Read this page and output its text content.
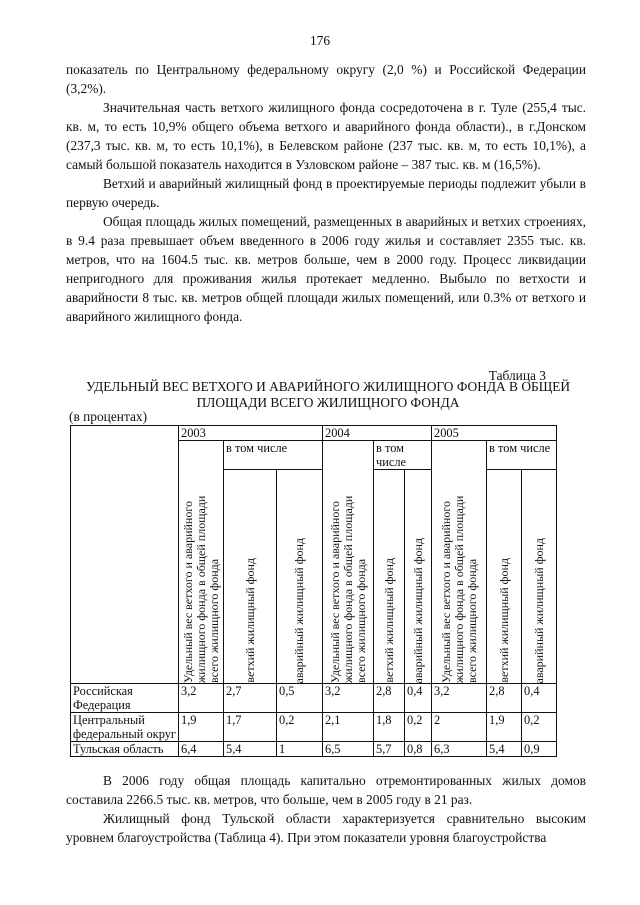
176

показатель по Центральному федеральному округу (2,0 %) и Российской Федерации (3,2%).

Значительная часть ветхого жилищного фонда сосредоточена в г. Туле (255,4 тыс. кв. м, то есть 10,9% общего объема ветхого и аварийного фонда области)., в г.Донском (237,3 тыс. кв. м, то есть 10,1%), в Белевском районе (237 тыс. кв. м, то есть 10,1%), а самый большой показатель находится в Узловском районе – 387 тыс. кв. м (16,5%).

Ветхий и аварийный жилищный фонд в проектируемые периоды подлежит убыли в первую очередь.

Общая площадь жилых помещений, размещенных в аварийных и ветхих строениях, в 9.4 раза превышает объем введенного в 2006 году жилья и составляет 2355 тыс. кв. метров, что на 1604.5 тыс. кв. метров больше, чем в 2000 году. Процесс ликвидации непригодного для проживания жилья протекает медленно. Выбыло по ветхости и аварийности 8 тыс. кв. метров общей площади жилых помещений, или 0.3% от ветхого и аварийного жилищного фонда.

Таблица 3
УДЕЛЬНЫЙ ВЕС ВЕТХОГО И АВАРИЙНОГО ЖИЛИЩНОГО ФОНДА В ОБЩЕЙ
ПЛОЩАДИ ВСЕГО ЖИЛИЩНОГО ФОНДА
(в процентах)
	2003			2004			2005		

	Удельный вес ветхого и аварийного жилищного фонда в общей площади всего жилищного фонда	в том числе		Удельный вес ветхого и аварийного жилищного фонда в общей площади всего жилищного фонда	в том числе		Удельный вес ветхого и аварийного жилищного фонда в общей площади всего жилищного фонда	в том числе	

		ветхий жилищный фонд	аварийный жилищный фонд		ветхий жилищный фонд	аварийный жилищный фонд		ветхий жилищный фонд	аварийный жилищный фонд

Российская Федерация	3,2	2,7	0,5	3,2	2,8	0,4	3,2	2,8	0,4
Центральный федеральный округ	1,9	1,7	0,2	2,1	1,8	0,2	2	1,9	0,2
Тульская область	6,4	5,4	1	6,5	5,7	0,8	6,3	5,4	0,9

В 2006 году общая площадь капитально отремонтированных жилых домов составила 2266.5 тыс. кв. метров, что больше, чем в 2005 году в 21 раз.

Жилищный фонд Тульской области характеризуется сравнительно высоким уровнем благоустройства (Таблица 4). При этом показатели уровня благоустройства
